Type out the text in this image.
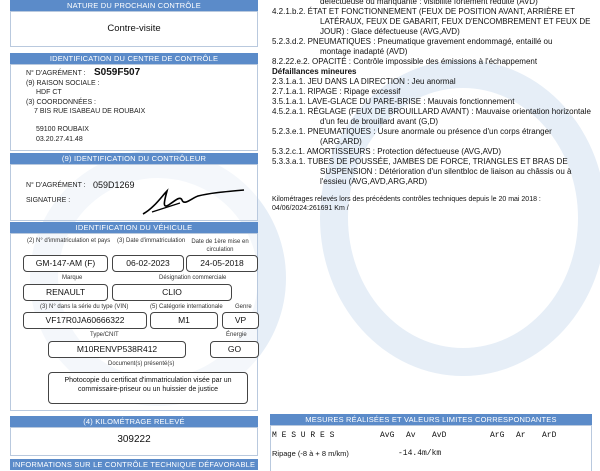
NATURE DU PROCHAIN CONTRÔLE
Contre-visite
IDENTIFICATION DU CENTRE DE CONTRÔLE
N° D'AGRÉMENT : S059F507
(9) RAISON SOCIALE :
HDF CT
(3) COORDONNÉES :
7 BIS RUE ISABEAU DE ROUBAIX
59100 ROUBAIX
03.20.27.41.48
(9) IDENTIFICATION DU CONTRÔLEUR
N° D'AGRÉMENT : 059D1269
SIGNATURE :
IDENTIFICATION DU VÉHICULE
(2) N° d'immatriculation et pays (3) Date d'immatriculation Date de 1ère mise en circulation
GM-147-AM (F)	06-02-2023	24-05-2018
Marque	Désignation commerciale
RENAULT	CLIO
(3) N° dans la série du type (VIN)	(5) Catégorie internationale Genre
VF17R0JA60666322	M1	VP
Type/CNIT	Énergie
M10RENVP538R412	GO
Document(s) présenté(s)
Photocopie du certificat d'immatriculation visée par un commissaire-priseur ou un huissier de justice
(4) KILOMÉTRAGE RELEVÉ
309222
INFORMATIONS SUR LE CONTRÔLE TECHNIQUE DÉFAVORABLE
défectueuse ou manquante : visibilité fortement réduite (AVD)
4.2.1.b.2. ÉTAT ET FONCTIONNEMENT (FEUX DE POSITION AVANT, ARRIÈRE ET
LATÉRAUX, FEUX DE GABARIT, FEUX D'ENCOMBREMENT ET FEUX DE
JOUR) : Glace défectueuse (AVG,AVD)
5.2.3.d.2. PNEUMATIQUES : Pneumatique gravement endommagé, entaillé ou
montage inadapté (AVD)
8.2.22.e.2. OPACITÉ : Contrôle impossible des émissions à l'échappement
Défaillances mineures
2.3.1.a.1. JEU DANS LA DIRECTION : Jeu anormal
2.7.1.a.1. RIPAGE : Ripage excessif
3.5.1.a.1. LAVE-GLACE DU PARE-BRISE : Mauvais fonctionnement
4.5.2.a.1. RÉGLAGE (FEUX DE BROUILLARD AVANT) : Mauvaise orientation horizontale
d'un feu de brouillard avant (G,D)
5.2.3.e.1. PNEUMATIQUES : Usure anormale ou présence d'un corps étranger
(ARG,ARD)
5.3.2.c.1. AMORTISSEURS : Protection défectueuse (AVG,AVD)
5.3.3.a.1. TUBES DE POUSSÉE, JAMBES DE FORCE, TRIANGLES ET BRAS DE
SUSPENSION : Détérioration d'un silentbloc de liaison au châssis ou à
l'essieu (AVG,AVD,ARG,ARD)
Kilométrages relevés lors des précédents contrôles techniques depuis le 20 mai 2018 : 04/06/2024:261691 Km /
MESURES RÉALISÉES ET VALEURS LIMITES CORRESPONDANTES
M E S U R E S	AvG Av AvD	ArG Ar ArD
Ripage (-8 à + 8 m/km)	-14.4m/km
